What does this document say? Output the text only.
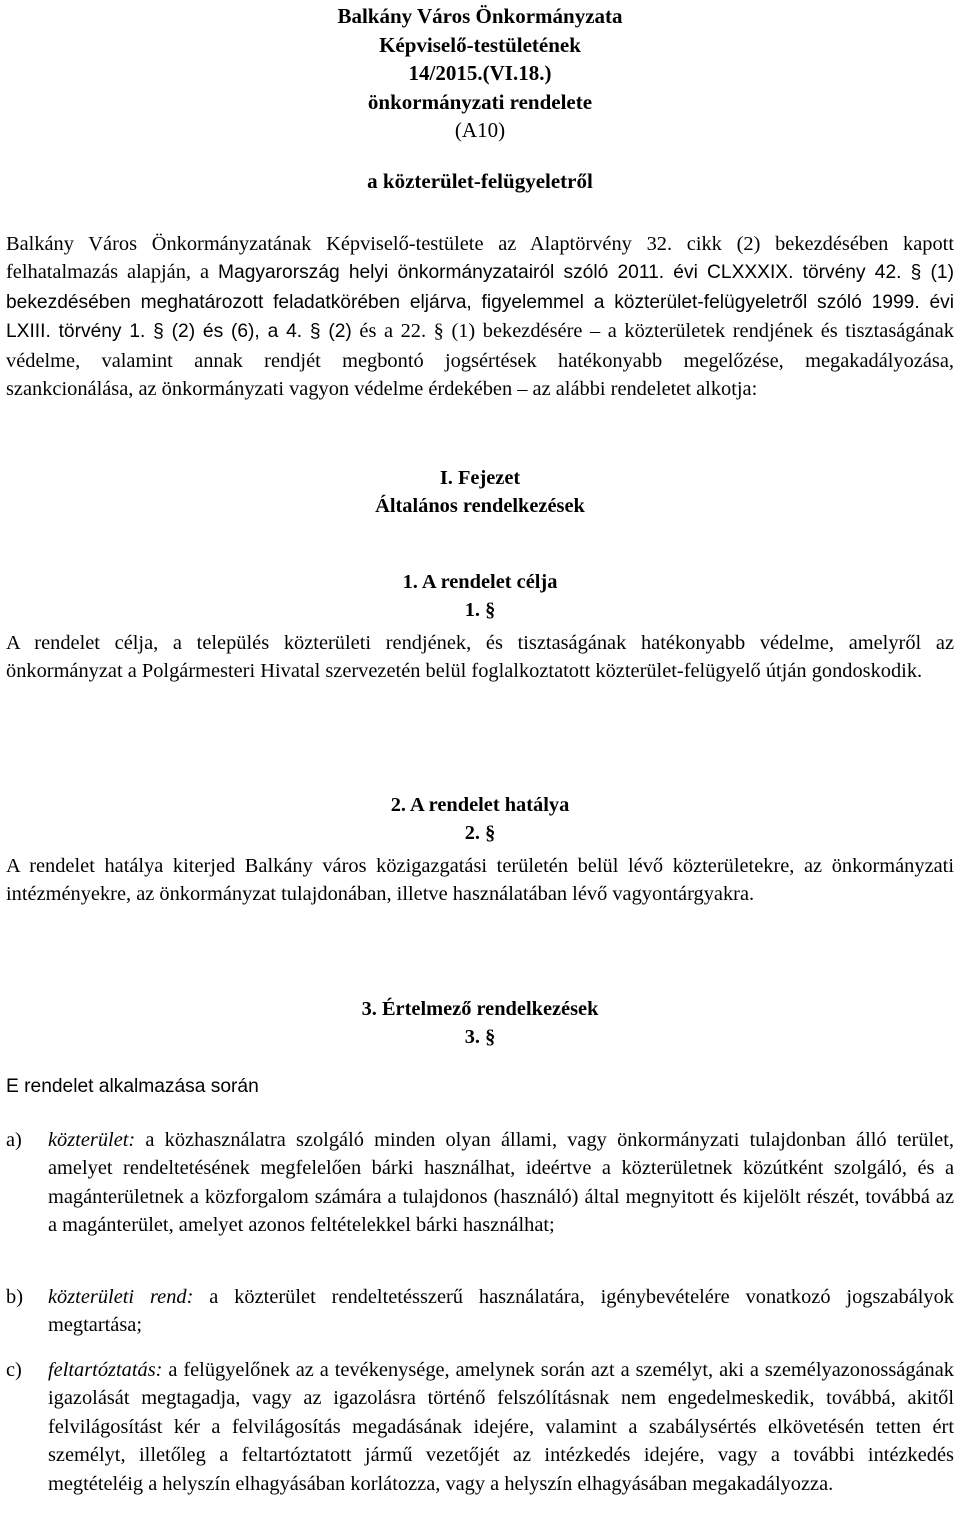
Balkány Város Önkormányzata

Képviselő-testületének

14/2015.(VI.18.)

önkormányzati rendelete

(A10)

a közterület-felügyeletről

Balkány Város Önkormányzatának Képviselő-testülete az Alaptörvény 32. cikk (2) bekezdésében kapott felhatalmazás alapján, a Magyarország helyi önkormányzatairól szóló 2011. évi CLXXXIX. törvény 42. § (1) bekezdésében meghatározott feladatkörében eljárva, figyelemmel a közterület-felügyeletről szóló 1999. évi LXIII. törvény 1. § (2) és (6), a 4. § (2) és a 22. § (1) bekezdésére – a közterületek rendjének és tisztaságának védelme, valamint annak rendjét megbontó jogsértések hatékonyabb megelőzése, megakadályozása, szankcionálása, az önkormányzati vagyon védelme érdekében – az alábbi rendeletet alkotja:

I. Fejezet

Általános rendelkezések

1. A rendelet célja

1. §

A rendelet célja, a település közterületi rendjének, és tisztaságának hatékonyabb védelme, amelyről az önkormányzat a Polgármesteri Hivatal szervezetén belül foglalkoztatott közterület-felügyelő útján gondoskodik.

2. A rendelet hatálya

2. §

A rendelet hatálya kiterjed Balkány város közigazgatási területén belül lévő közterületekre, az önkormányzati intézményekre, az önkormányzat tulajdonában, illetve használatában lévő vagyontárgyakra.

3. Értelmező rendelkezések

3. §

E rendelet alkalmazása során

a) közterület: a közhasználatra szolgáló minden olyan állami, vagy önkormányzati tulajdonban álló terület, amelyet rendeltetésének megfelelően bárki használhat, ideértve a közterületnek közútként szolgáló, és a magánterületnek a közforgalom számára a tulajdonos (használó) által megnyitott és kijelölt részét, továbbá az a magánterület, amelyet azonos feltételekkel bárki használhat;

b) közterületi rend: a közterület rendeltetésszerű használatára, igénybevételére vonatkozó jogszabályok megtartása;

c) feltartóztatás: a felügyelőnek az a tevékenysége, amelynek során azt a személyt, aki a személyazonosságának igazolását megtagadja, vagy az igazolásra történő felszólításnak nem engedelmeskedik, továbbá, akitől felvilágosítást kér a felvilágosítás megadásának idejére, valamint a szabálysértés elkövetésén tetten ért személyt, illetőleg a feltartóztatott jármű vezetőjét az intézkedés idejére, vagy a további intézkedés megtételéig a helyszín elhagyásában korlátozza, vagy a helyszín elhagyásában megakadályozza.
